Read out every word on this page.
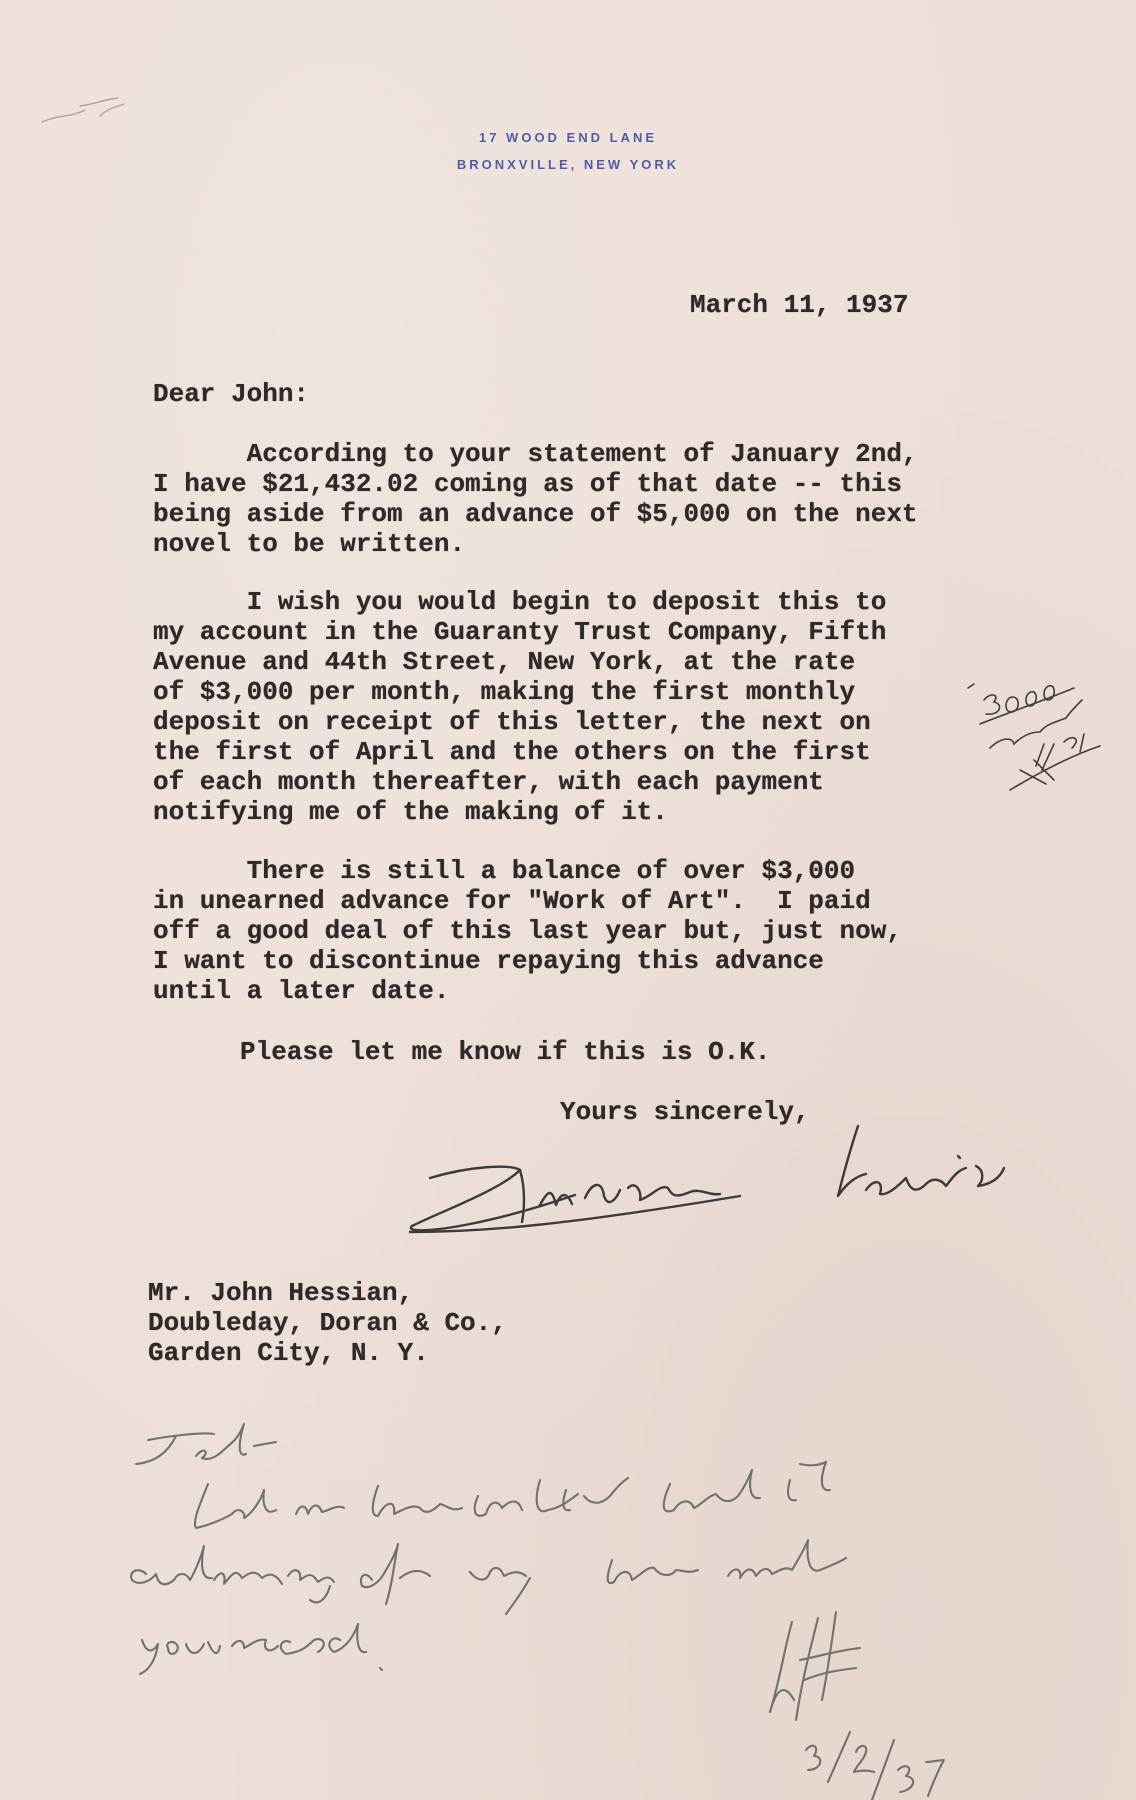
17 WOOD END LANE
BRONXVILLE, NEW YORK
March 11, 1937
Dear John:
According to your statement of January 2nd,
I have $21,432.02 coming as of that date -- this
being aside from an advance of $5,000 on the next
novel to be written.
I wish you would begin to deposit this to
my account in the Guaranty Trust Company, Fifth
Avenue and 44th Street, New York, at the rate
of $3,000 per month, making the first monthly
deposit on receipt of this letter, the next on
the first of April and the others on the first
of each month thereafter, with each payment
notifying me of the making of it.
There is still a balance of over $3,000
in unearned advance for "Work of Art".  I paid
off a good deal of this last year but, just now,
I want to discontinue repaying this advance
until a later date.
Please let me know if this is O.K.
Yours sincerely,
Mr. John Hessian,
Doubleday, Doran & Co.,
Garden City, N. Y.
